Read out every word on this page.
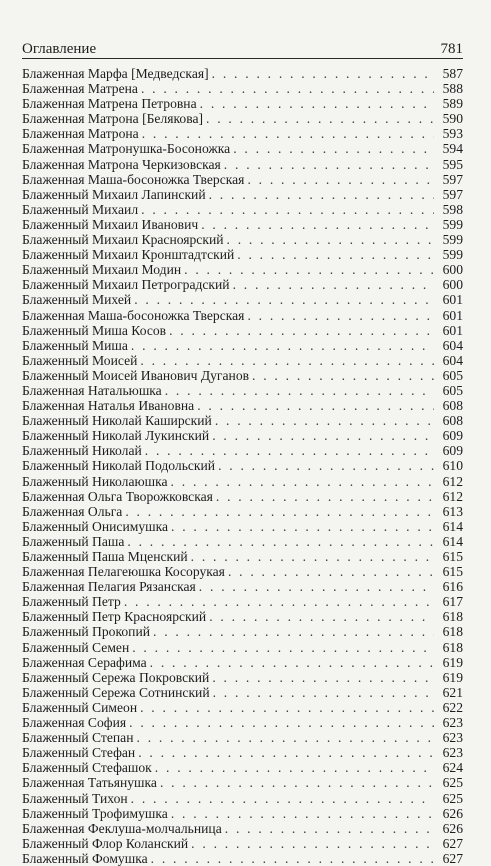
Оглавление	781
Блаженная Марфа [Медведская] . . .	587
Блаженная Матрена . . .	588
Блаженная Матрена Петровна . . .	589
Блаженная Матрона [Белякова] . . .	590
Блаженная Матрона . . .	593
Блаженная Матронушка-Босоножка . . .	594
Блаженная Матрона Черкизовская . . .	595
Блаженная Маша-босоножка Тверская . . .	597
Блаженный Михаил Лапинский . . .	597
Блаженный Михаил . . .	598
Блаженный Михаил Иванович . . .	599
Блаженный Михаил Красноярский . . .	599
Блаженный Михаил Кронштадтский . . .	599
Блаженный Михаил Модин . . .	600
Блаженный Михаил Петроградский . . .	600
Блаженный Михей . . .	601
Блаженная Маша-босоножка Тверская . . .	601
Блаженный Миша Косов . . .	601
Блаженный Миша . . .	604
Блаженный Моисей . . .	604
Блаженный Моисей Иванович Дуганов . . .	605
Блаженная Натальюшка . . .	605
Блаженная Наталья Ивановна . . .	608
Блаженный Николай Каширский . . .	608
Блаженный Николай Лукинский . . .	609
Блаженный Николай . . .	609
Блаженный Николай Подольский . . .	610
Блаженный Николаюшка . . .	612
Блаженная Ольга Творожковская . . .	612
Блаженная Ольга . . .	613
Блаженный Онисимушка . . .	614
Блаженный Паша . . .	614
Блаженный Паша Мценский . . .	615
Блаженная Пелагеюшка Косорукая . . .	615
Блаженная Пелагия Рязанская . . .	616
Блаженный Петр . . .	617
Блаженный Петр Красноярский . . .	618
Блаженный Прокопий . . .	618
Блаженный Семен . . .	618
Блаженная Серафима . . .	619
Блаженный Сережа Покровский . . .	619
Блаженный Сережа Сотнинский . . .	621
Блаженный Симеон . . .	622
Блаженная София . . .	623
Блаженный Степан . . .	623
Блаженный Стефан . . .	623
Блаженный Стефашок . . .	624
Блаженная Татьянушка . . .	625
Блаженный Тихон . . .	625
Блаженный Трофимушка . . .	626
Блаженная Феклуша-молчальница . . .	626
Блаженный Флор Коланский . . .	627
Блаженный Фомушка . . .	627
